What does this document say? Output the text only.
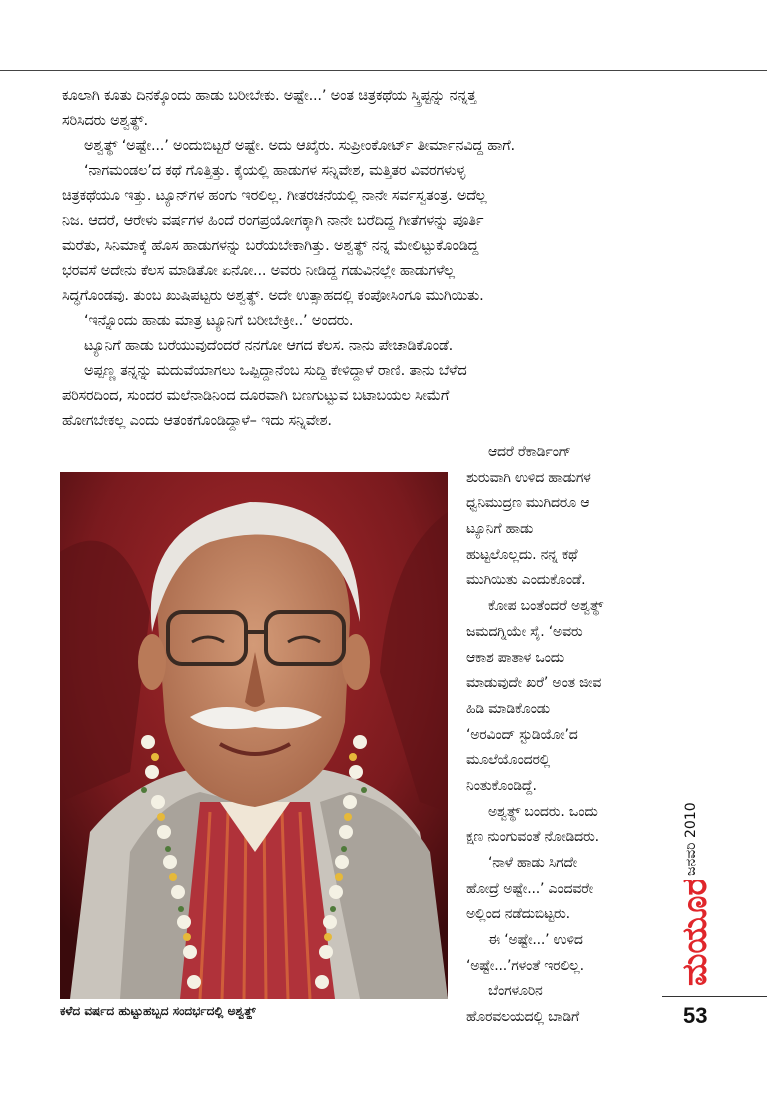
ಕೂಲಾಗಿ ಕೂತು ದಿನಕ್ಕೊಂದು ಹಾಡು ಬರೀಬೇಕು. ಅಷ್ಟೇ...’ ಅಂತ ಚಿತ್ರಕಥೆಯ ಸ್ಕ್ರಿಪ್ಟನ್ನು ನನ್ನತ್ತ
ಸರಿಸಿದರು ಅಶ್ವತ್ಥ್.
ಅಶ್ವತ್ಥ್ ‘ಅಷ್ಟೇ...’ ಅಂದುಬಿಟ್ಟರೆ ಅಷ್ಟೇ. ಅದು ಆಖೈರು. ಸುಪ್ರೀಂಕೋರ್ಟ್ ತೀರ್ಮಾನವಿದ್ದ ಹಾಗೆ.
‘ನಾಗಮಂಡಲ’ದ ಕಥೆ ಗೊತ್ತಿತ್ತು. ಕೈಯಲ್ಲಿ ಹಾಡುಗಳ ಸನ್ನಿವೇಶ, ಮತ್ತಿತರ ವಿವರಗಳುಳ್ಳ
ಚಿತ್ರಕಥೆಯೂ ಇತ್ತು. ಟ್ಯೂನ್‌ಗಳ ಹಂಗು ಇರಲಿಲ್ಲ. ಗೀತರಚನೆಯಲ್ಲಿ ನಾನೇ ಸರ್ವಸ್ವತಂತ್ರ. ಅದೆಲ್ಲ
ನಿಜ. ಆದರೆ, ಆರೇಳು ವರ್ಷಗಳ ಹಿಂದೆ ರಂಗಪ್ರಯೋಗಕ್ಕಾಗಿ ನಾನೇ ಬರೆದಿದ್ದ ಗೀತೆಗಳನ್ನು ಪೂರ್ತಿ
ಮರೆತು, ಸಿನಿಮಾಕ್ಕೆ ಹೊಸ ಹಾಡುಗಳನ್ನು ಬರೆಯಬೇಕಾಗಿತ್ತು. ಅಶ್ವತ್ಥ್ ನನ್ನ ಮೇಲಿಟ್ಟುಕೊಂಡಿದ್ದ
ಭರವಸೆ ಅದೇನು ಕೆಲಸ ಮಾಡಿತೋ ಏನೋ... ಅವರು ನೀಡಿದ್ದ ಗಡುವಿನಲ್ಲೇ ಹಾಡುಗಳೆಲ್ಲ
ಸಿದ್ಧಗೊಂಡವು. ತುಂಬ ಖುಷಿಪಟ್ಟರು ಅಶ್ವತ್ಥ್. ಅದೇ ಉತ್ಸಾಹದಲ್ಲಿ ಕಂಪೋಸಿಂಗೂ ಮುಗಿಯಿತು.
‘ಇನ್ನೊಂದು ಹಾಡು ಮಾತ್ರ ಟ್ಯೂನಿಗೆ ಬರೀಬೇಕ್ರೀ..’ ಅಂದರು.
ಟ್ಯೂನಿಗೆ ಹಾಡು ಬರೆಯುವುದೆಂದರೆ ನನಗೋ ಆಗದ ಕೆಲಸ. ನಾನು ಪೇಚಾಡಿಕೊಂಡೆ.
ಅಪ್ಪಣ್ಣ ತನ್ನನ್ನು ಮದುವೆಯಾಗಲು ಒಪ್ಪಿದ್ದಾನೆಂಬ ಸುದ್ದಿ ಕೇಳಿದ್ದಾಳೆ ರಾಣಿ. ತಾನು ಬೆಳೆದ
ಪರಿಸರದಿಂದ, ಸುಂದರ ಮಲೆನಾಡಿನಿಂದ ದೂರವಾಗಿ ಬಣಗುಟ್ಟುವ ಬಟಾಬಯಲ ಸೀಮೆಗೆ
ಹೋಗಬೇಕಲ್ಲ ಎಂದು ಆತಂಕಗೊಂಡಿದ್ದಾಳೆ– ಇದು ಸನ್ನಿವೇಶ.
ಕಳೆದ ವರ್ಷದ ಹುಟ್ಟುಹಬ್ಬದ ಸಂದರ್ಭದಲ್ಲಿ ಅಶ್ವತ್ಥ್
ಆದರೆ ರೆಕಾರ್ಡಿಂಗ್
ಶುರುವಾಗಿ ಉಳಿದ ಹಾಡುಗಳ
ಧ್ವನಿಮುದ್ರಣ ಮುಗಿದರೂ ಆ
ಟ್ಯೂನಿಗೆ ಹಾಡು
ಹುಟ್ಟಲೊಲ್ಲದು. ನನ್ನ ಕಥೆ
ಮುಗಿಯಿತು ಎಂದುಕೊಂಡೆ.
ಕೋಪ ಬಂತೆಂದರೆ ಅಶ್ವತ್ಥ್
ಜಮದಗ್ನಿಯೇ ಸೈ. ‘ಅವರು
ಆಕಾಶ ಪಾತಾಳ ಒಂದು
ಮಾಡುವುದೇ ಖರೆ’ ಅಂತ ಜೀವ
ಹಿಡಿ ಮಾಡಿಕೊಂಡು
‘ಅರವಿಂದ್ ಸ್ಟುಡಿಯೋ’ದ
ಮೂಲೆಯೊಂದರಲ್ಲಿ
ನಿಂತುಕೊಂಡಿದ್ದೆ.
ಅಶ್ವತ್ಥ್ ಬಂದರು. ಒಂದು
ಕ್ಷಣ ನುಂಗುವಂತೆ ನೋಡಿದರು.
‘ನಾಳೆ ಹಾಡು ಸಿಗದೇ
ಹೋದ್ರೆ ಅಷ್ಟೇ...’ ಎಂದವರೇ
ಅಲ್ಲಿಂದ ನಡೆದುಬಿಟ್ಟರು.
ಈ ‘ಅಷ್ಟೇ...’ ಉಳಿದ
‘ಅಷ್ಟೇ...’ಗಳಂತೆ ಇರಲಿಲ್ಲ.
ಬೆಂಗಳೂರಿನ
ಹೊರವಲಯದಲ್ಲಿ ಬಾಡಿಗೆ
ಜನವರಿ 2010
ಮಯೂರ
53
